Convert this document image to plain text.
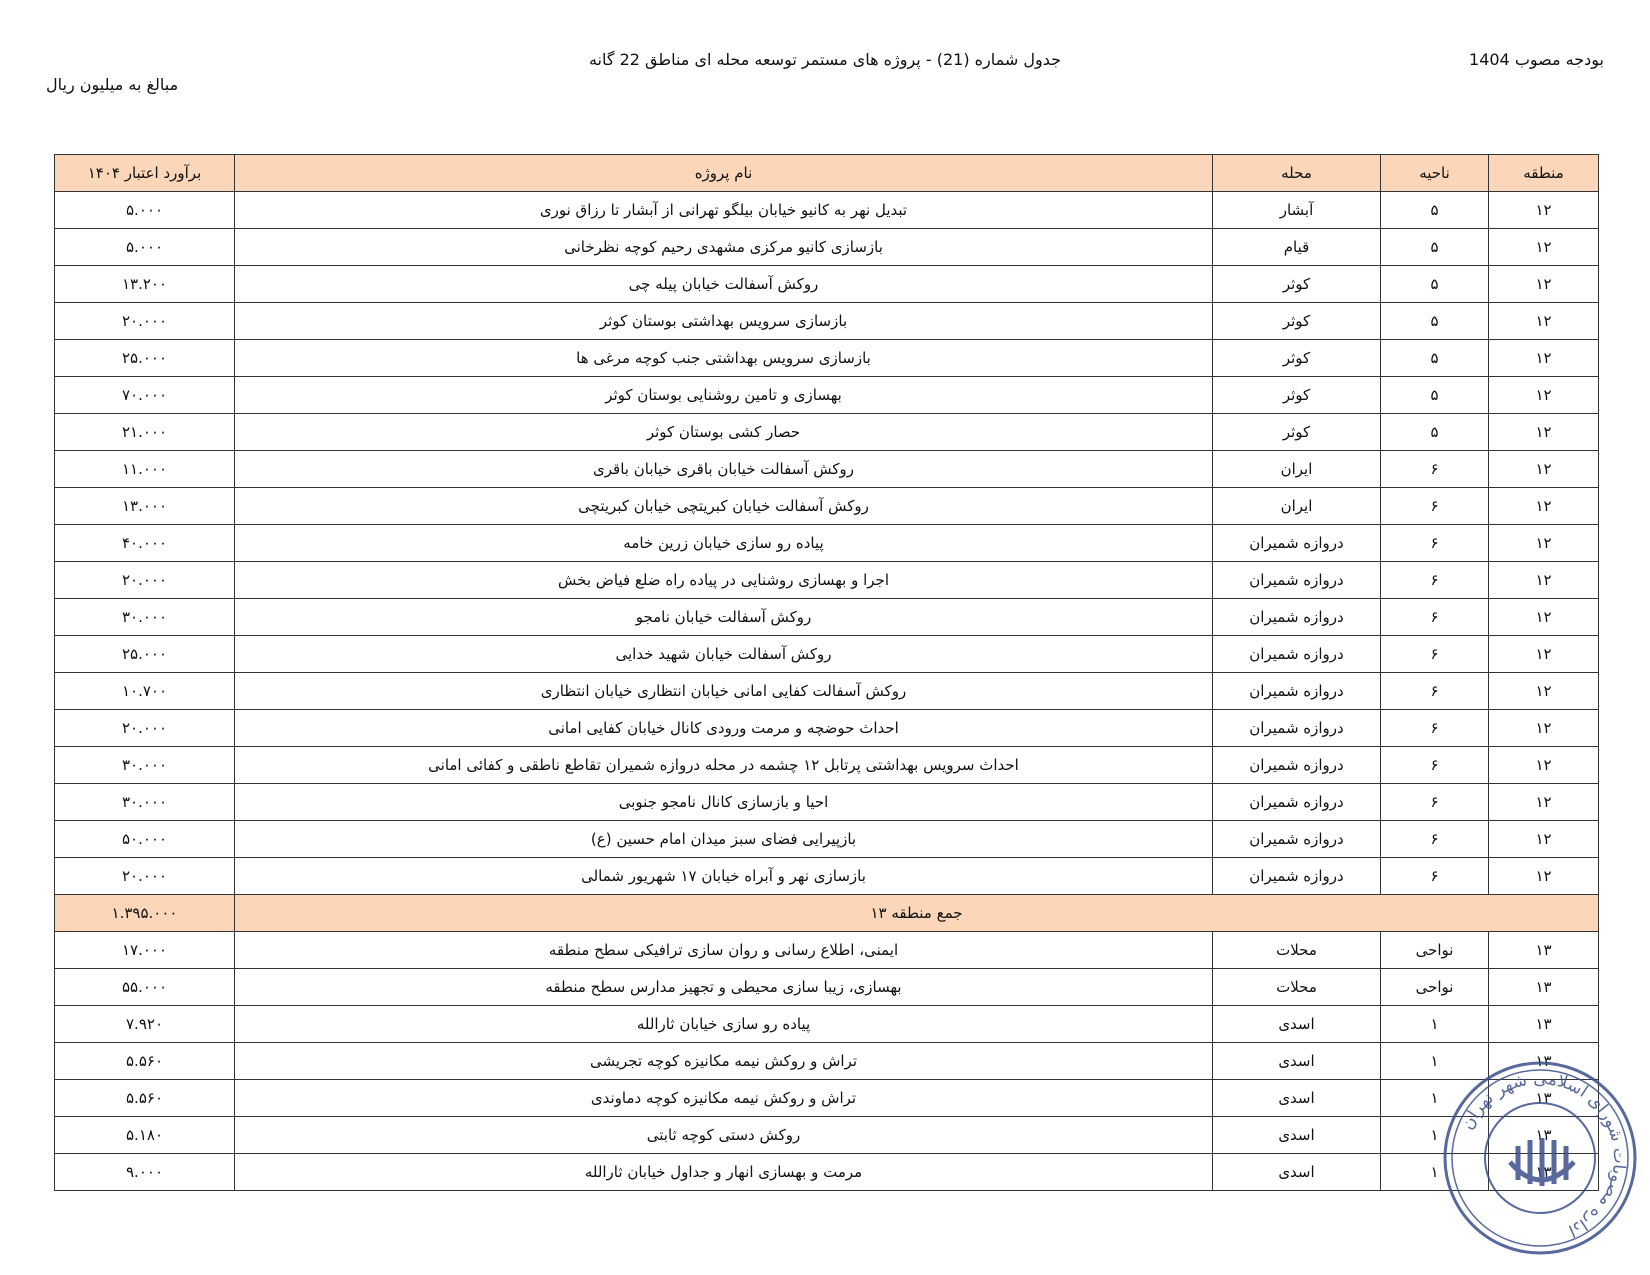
بودجه مصوب 1404
جدول شماره (21) - پروژه های مستمر توسعه محله ای مناطق 22 گانه
مبالغ به میلیون ریال
منطقه	ناحیه	محله	نام پروژه	برآورد اعتبار ۱۴۰۴
۱۲	۵	آبشار	تبدیل نهر به کانیو خیابان بیلگو تهرانی از آبشار تا رزاق نوری	۵.۰۰۰
۱۲	۵	قیام	بازسازی کانیو مرکزی مشهدی رحیم کوچه نظرخانی	۵.۰۰۰
۱۲	۵	کوثر	روکش آسفالت خیابان پیله چی	۱۳.۲۰۰
۱۲	۵	کوثر	بازسازی سرویس بهداشتی بوستان کوثر	۲۰.۰۰۰
۱۲	۵	کوثر	بازسازی سرویس بهداشتی جنب کوچه مرغی ها	۲۵.۰۰۰
۱۲	۵	کوثر	بهسازی و تامین روشنایی بوستان کوثر	۷۰.۰۰۰
۱۲	۵	کوثر	حصار کشی بوستان کوثر	۲۱.۰۰۰
۱۲	۶	ایران	روکش آسفالت خیابان باقری خیابان باقری	۱۱.۰۰۰
۱۲	۶	ایران	روکش آسفالت خیابان کبریتچی خیابان کبریتچی	۱۳.۰۰۰
۱۲	۶	دروازه شمیران	پیاده رو سازی خیابان زرین خامه	۴۰.۰۰۰
۱۲	۶	دروازه شمیران	اجرا و بهسازی روشنایی در پیاده راه ضلع فیاض بخش	۲۰.۰۰۰
۱۲	۶	دروازه شمیران	روکش آسفالت خیابان نامجو	۳۰.۰۰۰
۱۲	۶	دروازه شمیران	روکش آسفالت خیابان شهید خدایی	۲۵.۰۰۰
۱۲	۶	دروازه شمیران	روکش آسفالت کفایی امانی خیابان انتظاری خیابان انتظاری	۱۰.۷۰۰
۱۲	۶	دروازه شمیران	احداث حوضچه و مرمت ورودی کانال خیابان کفایی امانی	۲۰.۰۰۰
۱۲	۶	دروازه شمیران	احداث سرویس بهداشتی پرتابل ۱۲ چشمه در محله دروازه شمیران تقاطع ناطقی و کفائی امانی	۳۰.۰۰۰
۱۲	۶	دروازه شمیران	احیا و بازسازی کانال نامجو جنوبی	۳۰.۰۰۰
۱۲	۶	دروازه شمیران	بازپیرایی فضای سبز میدان امام حسین (ع)	۵۰.۰۰۰
۱۲	۶	دروازه شمیران	بازسازی نهر و آبراه خیابان ۱۷ شهریور شمالی	۲۰.۰۰۰
جمع منطقه ۱۳				۱.۳۹۵.۰۰۰
۱۳	نواحی	محلات	ایمنی، اطلاع رسانی و روان سازی ترافیکی سطح منطقه	۱۷.۰۰۰
۱۳	نواحی	محلات	بهسازی، زیبا سازی محیطی و تجهیز مدارس سطح منطقه	۵۵.۰۰۰
۱۳	۱	اسدی	پیاده رو سازی خیابان ثارالله	۷.۹۲۰
۱۳	۱	اسدی	تراش و روکش نیمه مکانیزه کوچه تجریشی	۵.۵۶۰
۱۳	۱	اسدی	تراش و روکش نیمه مکانیزه کوچه دماوندی	۵.۵۶۰
۱۳	۱	اسدی	روکش دستی کوچه ثابتی	۵.۱۸۰
۱۳	۱	اسدی	مرمت و بهسازی انهار و جداول خیابان ثارالله	۹.۰۰۰
اداره مصوبات شورای اسلامی شهر تهران
